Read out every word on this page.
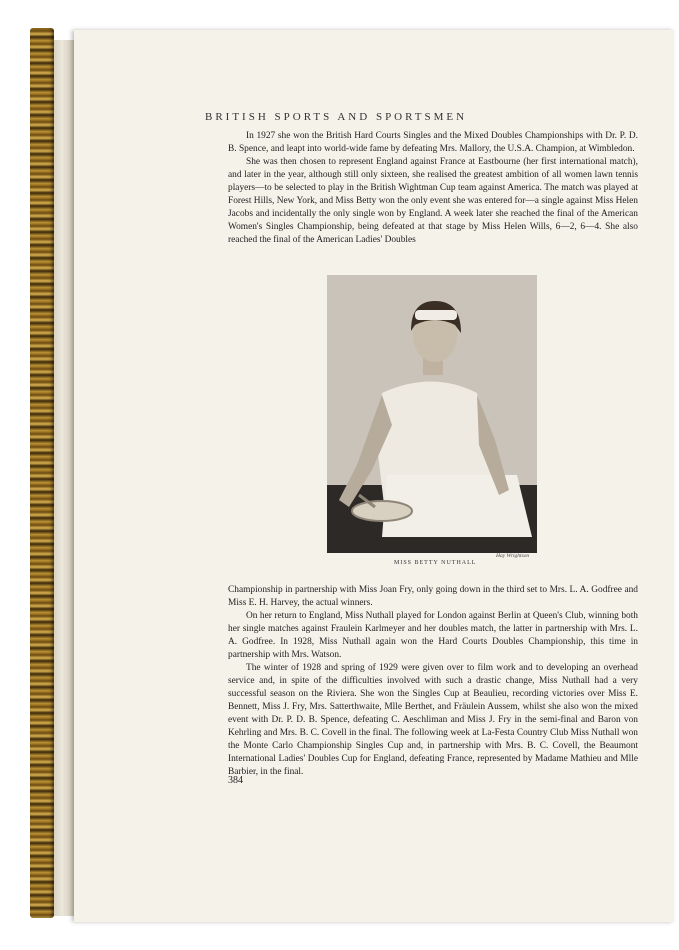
BRITISH SPORTS AND SPORTSMEN

In 1927 she won the British Hard Courts Singles and the Mixed Doubles Championships with Dr. P. D. B. Spence, and leapt into world-wide fame by defeating Mrs. Mallory, the U.S.A. Champion, at Wimbledon.

She was then chosen to represent England against France at Eastbourne (her first international match), and later in the year, although still only sixteen, she realised the greatest ambition of all women lawn tennis players—to be selected to play in the British Wightman Cup team against America. The match was played at Forest Hills, New York, and Miss Betty won the only event she was entered for—a single against Miss Helen Jacobs and incidentally the only single won by England. A week later she reached the final of the American Women's Singles Championship, being defeated at that stage by Miss Helen Wills, 6—2, 6—4. She also reached the final of the American Ladies' Doubles

MISS BETTY NUTHALL
Hay Wrightson

Championship in partnership with Miss Joan Fry, only going down in the third set to Mrs. L. A. Godfree and Miss E. H. Harvey, the actual winners.

On her return to England, Miss Nuthall played for London against Berlin at Queen's Club, winning both her single matches against Fraulein Karlmeyer and her doubles match, the latter in partnership with Mrs. L. A. Godfree. In 1928, Miss Nuthall again won the Hard Courts Doubles Championship, this time in partnership with Mrs. Watson.

The winter of 1928 and spring of 1929 were given over to film work and to developing an overhead service and, in spite of the difficulties involved with such a drastic change, Miss Nuthall had a very successful season on the Riviera. She won the Singles Cup at Beaulieu, recording victories over Miss E. Bennett, Miss J. Fry, Mrs. Satterthwaite, Mlle Berthet, and Fräulein Aussem, whilst she also won the mixed event with Dr. P. D. B. Spence, defeating C. Aeschliman and Miss J. Fry in the semi-final and Baron von Kehrling and Mrs. B. C. Covell in the final. The following week at La-Festa Country Club Miss Nuthall won the Monte Carlo Championship Singles Cup and, in partnership with Mrs. B. C. Covell, the Beaumont International Ladies' Doubles Cup for England, defeating France, represented by Madame Mathieu and Mlle Barbier, in the final.

384
